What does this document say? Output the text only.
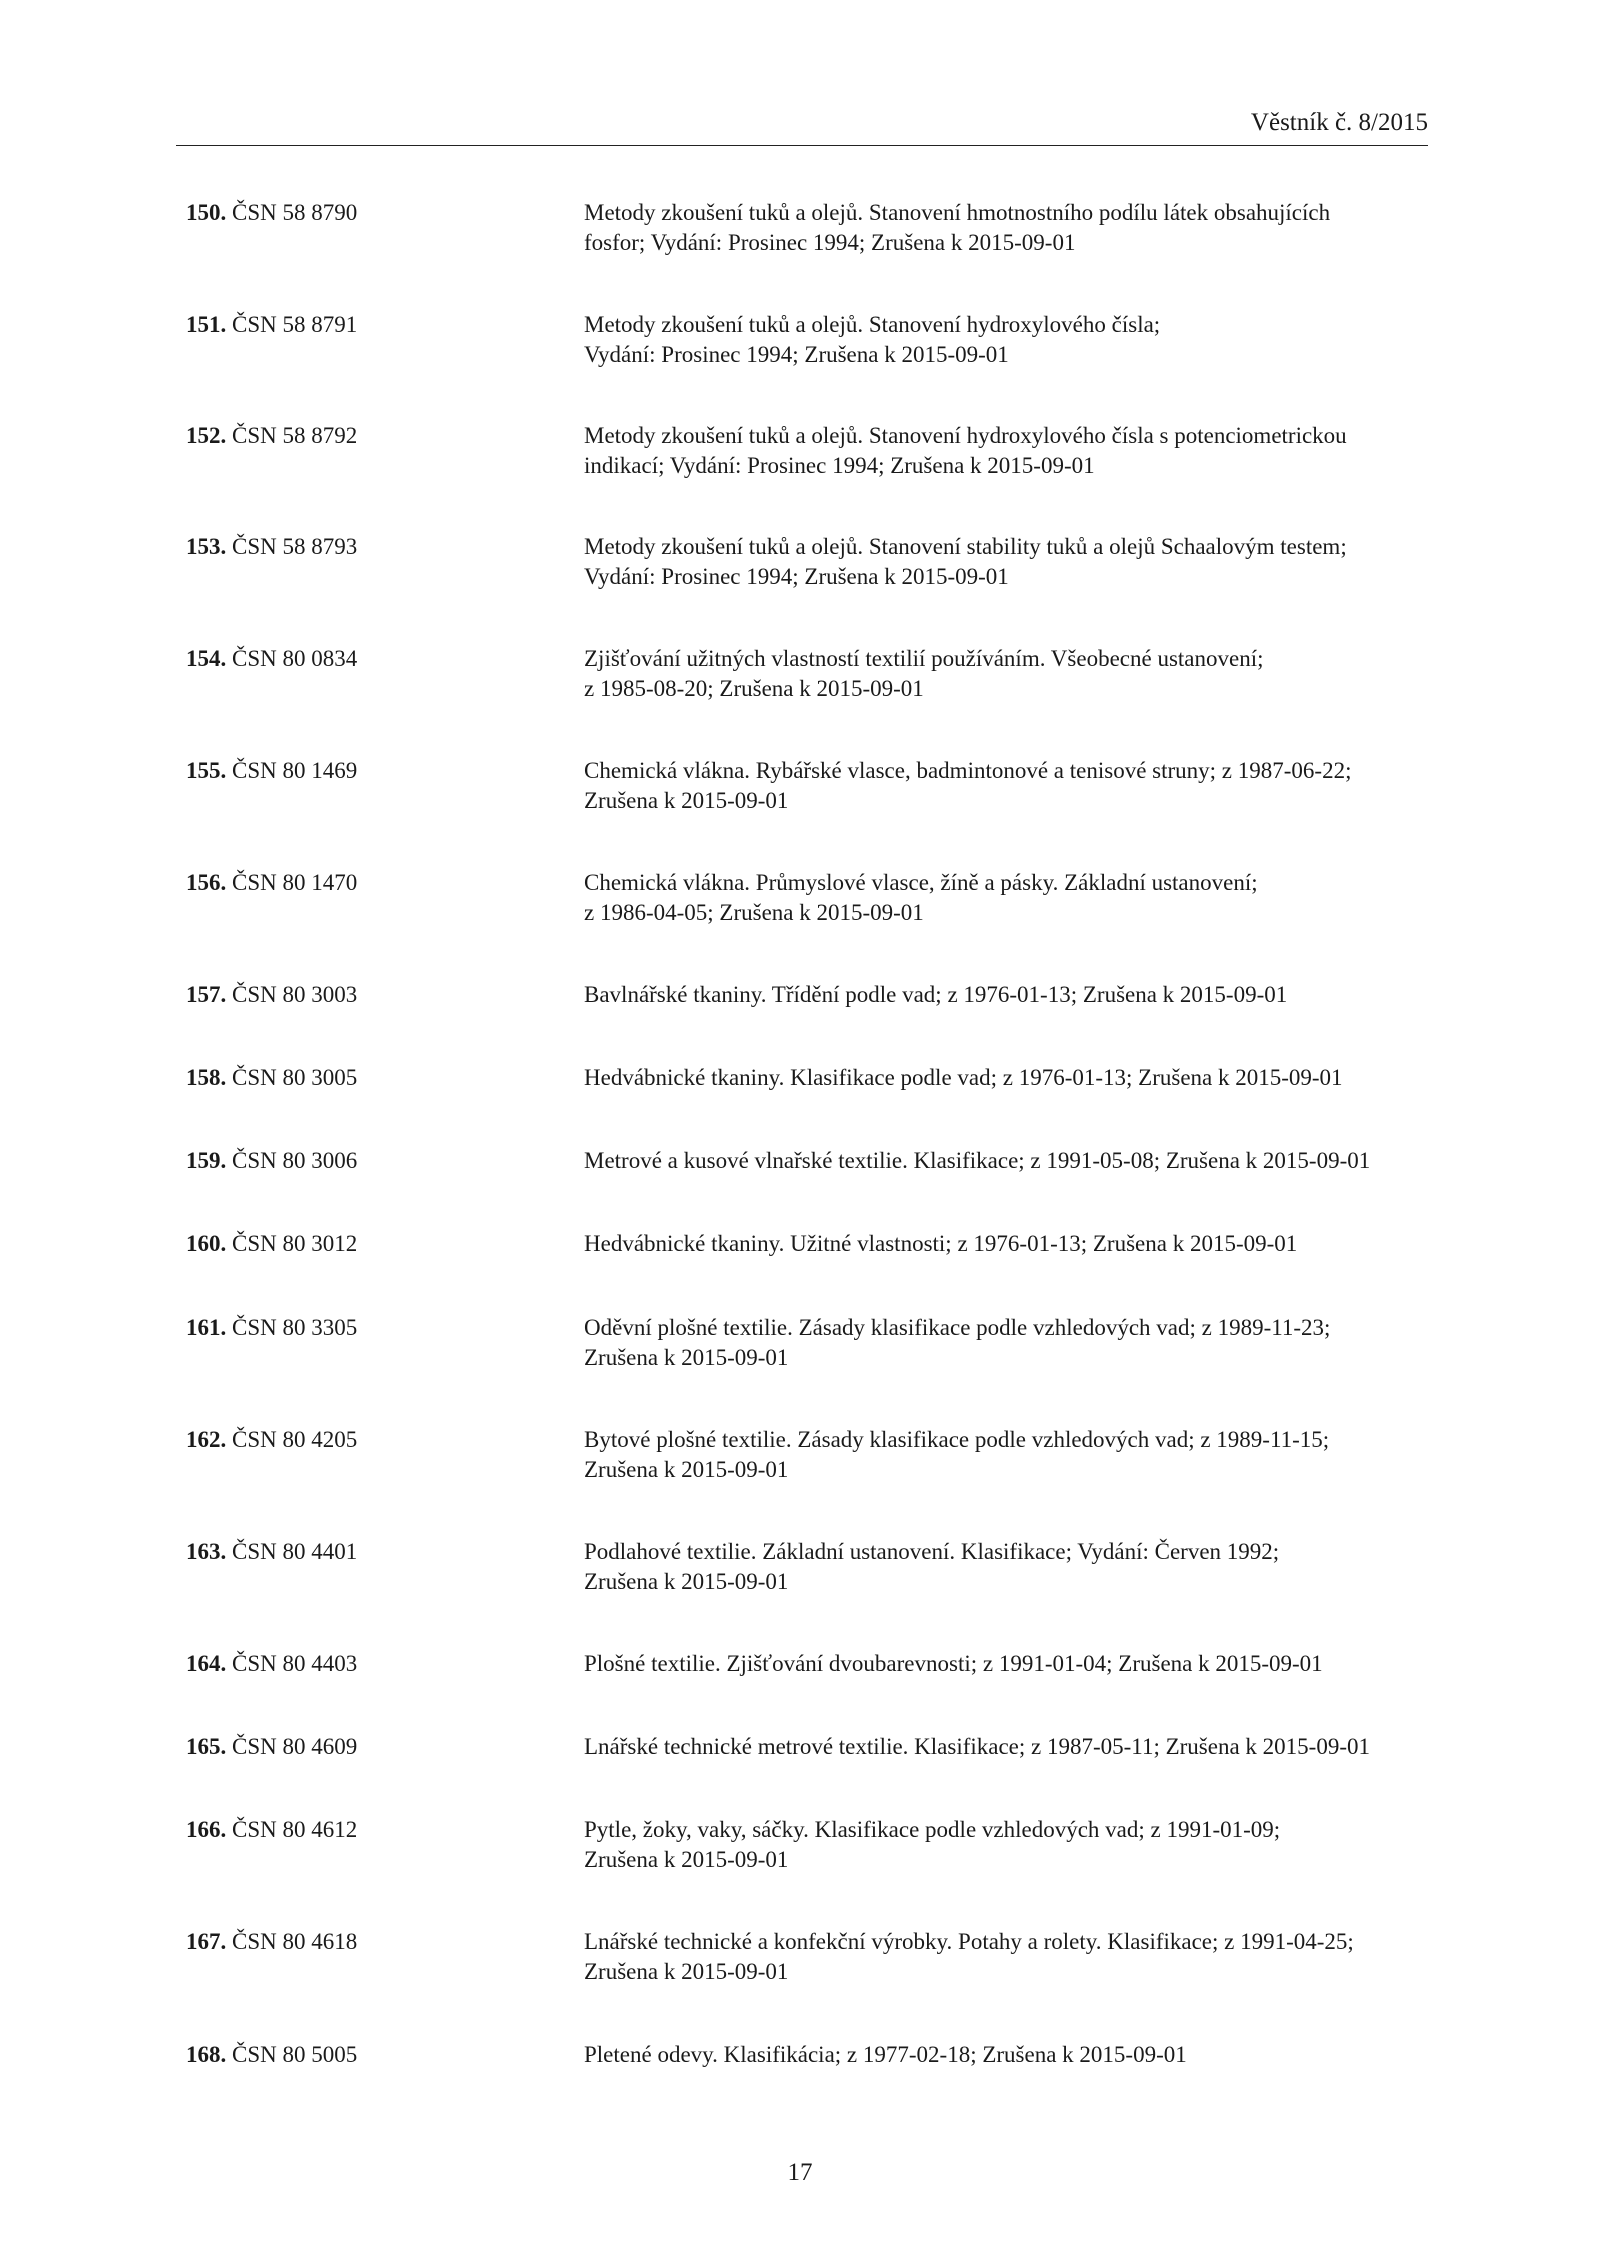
Věstník č. 8/2015
150. ČSN 58 8790	Metody zkoušení tuků a olejů. Stanovení hmotnostního podílu látek obsahujících
fosfor; Vydání: Prosinec 1994; Zrušena k 2015-09-01
151. ČSN 58 8791	Metody zkoušení tuků a olejů. Stanovení hydroxylového čísla;
Vydání: Prosinec 1994; Zrušena k 2015-09-01
152. ČSN 58 8792	Metody zkoušení tuků a olejů. Stanovení hydroxylového čísla s potenciometrickou
indikací; Vydání: Prosinec 1994; Zrušena k 2015-09-01
153. ČSN 58 8793	Metody zkoušení tuků a olejů. Stanovení stability tuků a olejů Schaalovým testem;
Vydání: Prosinec 1994; Zrušena k 2015-09-01
154. ČSN 80 0834	Zjišťování užitných vlastností textilií používáním. Všeobecné ustanovení;
z 1985-08-20; Zrušena k 2015-09-01
155. ČSN 80 1469	Chemická vlákna. Rybářské vlasce, badmintonové a tenisové struny; z 1987-06-22;
Zrušena k 2015-09-01
156. ČSN 80 1470	Chemická vlákna. Průmyslové vlasce, žíně a pásky. Základní ustanovení;
z 1986-04-05; Zrušena k 2015-09-01
157. ČSN 80 3003	Bavlnářské tkaniny. Třídění podle vad; z 1976-01-13; Zrušena k 2015-09-01
158. ČSN 80 3005	Hedvábnické tkaniny. Klasifikace podle vad; z 1976-01-13; Zrušena k 2015-09-01
159. ČSN 80 3006	Metrové a kusové vlnařské textilie. Klasifikace; z 1991-05-08; Zrušena k 2015-09-01
160. ČSN 80 3012	Hedvábnické tkaniny. Užitné vlastnosti; z 1976-01-13; Zrušena k 2015-09-01
161. ČSN 80 3305	Oděvní plošné textilie. Zásady klasifikace podle vzhledových vad; z 1989-11-23;
Zrušena k 2015-09-01
162. ČSN 80 4205	Bytové plošné textilie. Zásady klasifikace podle vzhledových vad; z 1989-11-15;
Zrušena k 2015-09-01
163. ČSN 80 4401	Podlahové textilie. Základní ustanovení. Klasifikace; Vydání: Červen 1992;
Zrušena k 2015-09-01
164. ČSN 80 4403	Plošné textilie. Zjišťování dvoubarevnosti; z 1991-01-04; Zrušena k 2015-09-01
165. ČSN 80 4609	Lnářské technické metrové textilie. Klasifikace; z 1987-05-11; Zrušena k 2015-09-01
166. ČSN 80 4612	Pytle, žoky, vaky, sáčky. Klasifikace podle vzhledových vad; z 1991-01-09;
Zrušena k 2015-09-01
167. ČSN 80 4618	Lnářské technické a konfekční výrobky. Potahy a rolety. Klasifikace; z 1991-04-25;
Zrušena k 2015-09-01
168. ČSN 80 5005	Pletené odevy. Klasifikácia; z 1977-02-18; Zrušena k 2015-09-01
17
